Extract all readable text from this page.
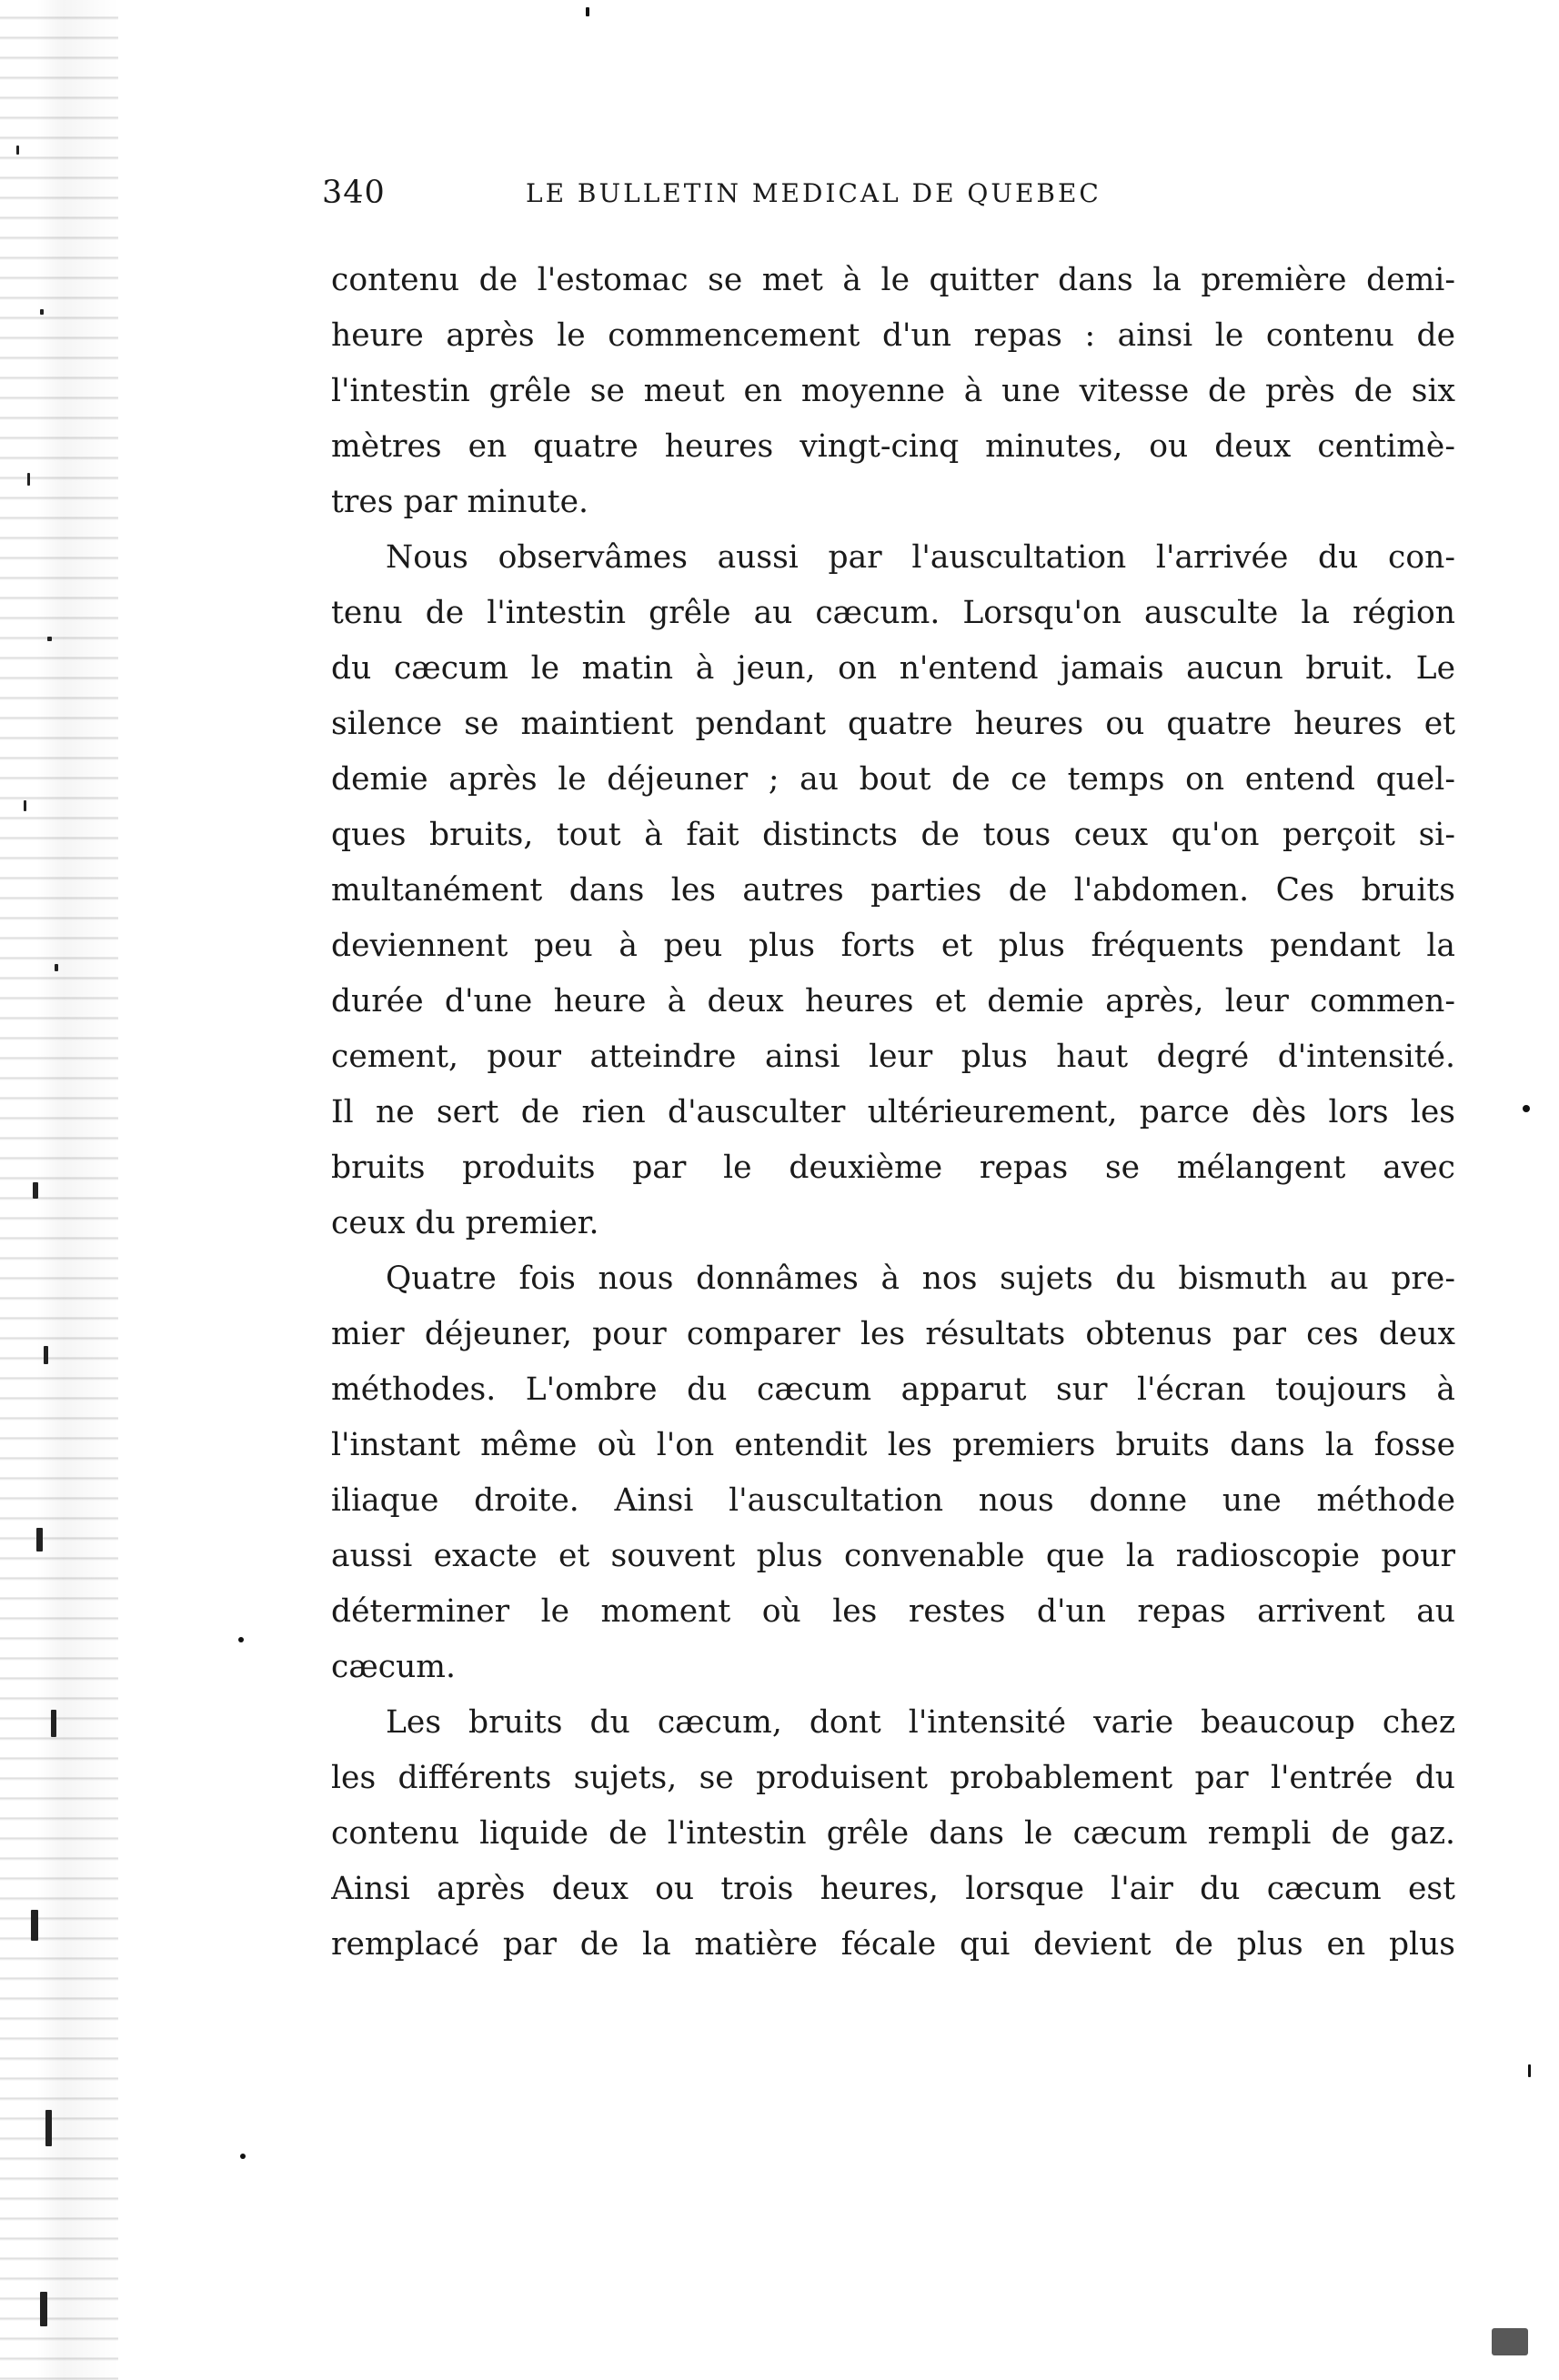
340	LE BULLETIN MEDICAL DE QUEBEC
contenu de l'estomac se met à le quitter dans la première demi-
heure après le commencement d'un repas : ainsi le contenu de
l'intestin grêle se meut en moyenne à une vitesse de près de six
mètres en quatre heures vingt-cinq minutes, ou deux centimè-
tres par minute.
Nous observâmes aussi par l'auscultation l'arrivée du con-
tenu de l'intestin grêle au cæcum. Lorsqu'on ausculte la région
du cæcum le matin à jeun, on n'entend jamais aucun bruit. Le
silence se maintient pendant quatre heures ou quatre heures et
demie après le déjeuner ; au bout de ce temps on entend quel-
ques bruits, tout à fait distincts de tous ceux qu'on perçoit si-
multanément dans les autres parties de l'abdomen. Ces bruits
deviennent peu à peu plus forts et plus fréquents pendant la
durée d'une heure à deux heures et demie après, leur commen-
cement, pour atteindre ainsi leur plus haut degré d'intensité.
Il ne sert de rien d'ausculter ultérieurement, parce dès lors les
bruits produits par le deuxième repas se mélangent avec
ceux du premier.
Quatre fois nous donnâmes à nos sujets du bismuth au pre-
mier déjeuner, pour comparer les résultats obtenus par ces deux
méthodes. L'ombre du cæcum apparut sur l'écran toujours à
l'instant même où l'on entendit les premiers bruits dans la fosse
iliaque droite. Ainsi l'auscultation nous donne une méthode
aussi exacte et souvent plus convenable que la radioscopie pour
déterminer le moment où les restes d'un repas arrivent au
cæcum.
Les bruits du cæcum, dont l'intensité varie beaucoup chez
les différents sujets, se produisent probablement par l'entrée du
contenu liquide de l'intestin grêle dans le cæcum rempli de gaz.
Ainsi après deux ou trois heures, lorsque l'air du cæcum est
remplacé par de la matière fécale qui devient de plus en plus
